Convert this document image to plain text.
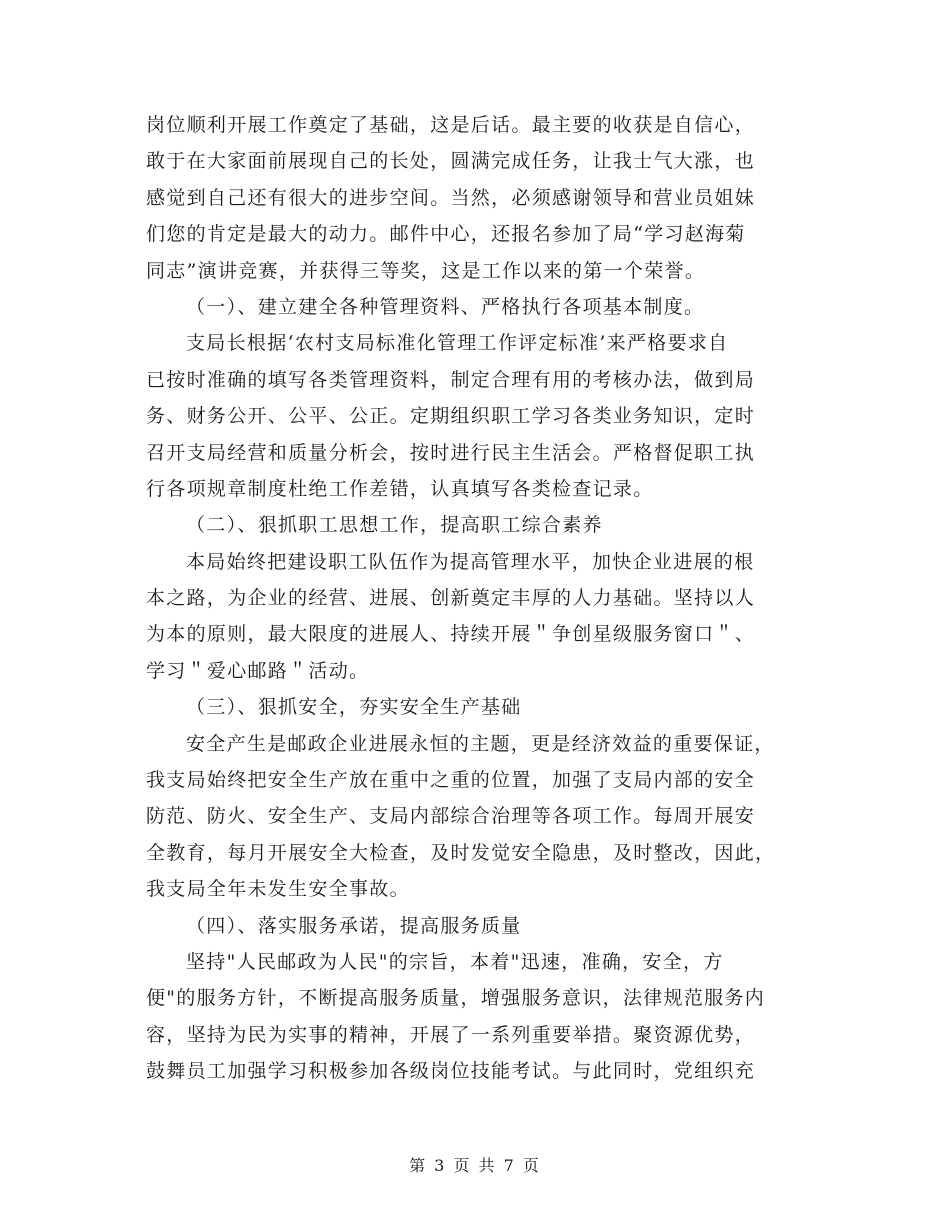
岗位顺利开展工作奠定了基础，这是后话。最主要的收获是自信心，
敢于在大家面前展现自己的长处，圆满完成任务，让我士气大涨，也
感觉到自己还有很大的进步空间。当然，必须感谢领导和营业员姐妹
们您的肯定是最大的动力。邮件中心，还报名参加了局“学习赵海菊
同志”演讲竞赛，并获得三等奖，这是工作以来的第一个荣誉。
（一）、建立建全各种管理资料、严格执行各项基本制度。
支局长根据‘农村支局标准化管理工作评定标准’来严格要求自
已按时准确的填写各类管理资料，制定合理有用的考核办法，做到局
务、财务公开、公平、公正。定期组织职工学习各类业务知识，定时
召开支局经营和质量分析会，按时进行民主生活会。严格督促职工执
行各项规章制度杜绝工作差错，认真填写各类检查记录。
（二）、狠抓职工思想工作，提高职工综合素养
本局始终把建设职工队伍作为提高管理水平，加快企业进展的根
本之路，为企业的经营、进展、创新奠定丰厚的人力基础。坚持以人
为本的原则，最大限度的进展人、持续开展＂争创星级服务窗口＂、
学习＂爱心邮路＂活动。
（三）、狠抓安全，夯实安全生产基础
安全产生是邮政企业进展永恒的主题，更是经济效益的重要保证，
我支局始终把安全生产放在重中之重的位置，加强了支局内部的安全
防范、防火、安全生产、支局内部综合治理等各项工作。每周开展安
全教育，每月开展安全大检查，及时发觉安全隐患，及时整改，因此，
我支局全年未发生安全事故。
（四）、落实服务承诺，提高服务质量
坚持"人民邮政为人民"的宗旨，本着"迅速，准确，安全，方
便"的服务方针，不断提高服务质量，增强服务意识，法律规范服务内
容，坚持为民为实事的精神，开展了一系列重要举措。聚资源优势，
鼓舞员工加强学习积极参加各级岗位技能考试。与此同时，党组织充
第 3 页 共 7 页
